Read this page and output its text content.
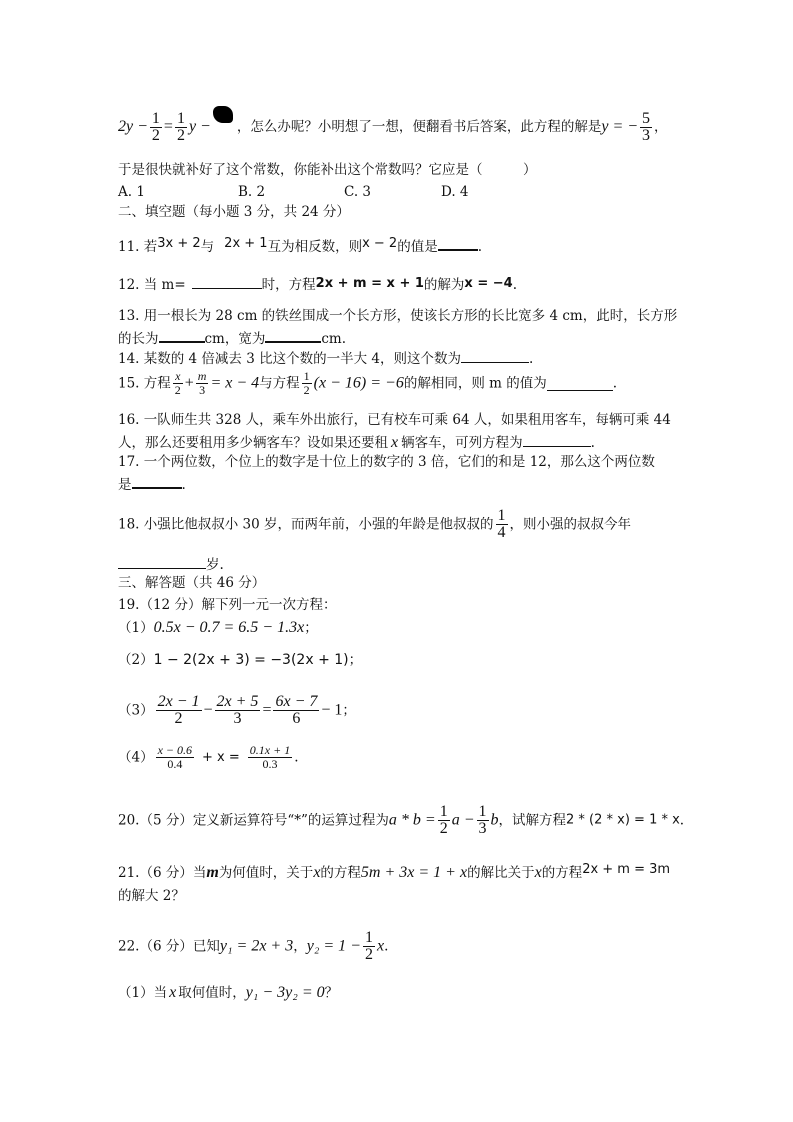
$2y - \frac{1}{2} = \frac{1}{2}$ y − ，怎么办呢？小明想了一想，便翻看书后答案，此方程的解是y = − $\frac{5}{3}$ ，
于是很快就补好了这个常数，你能补出这个常数吗？它应是（　　　）
A. 1	B. 2	C. 3	D. 4
二、填空题（每小题 3 分，共 24 分）
11. 若3x + 2与 2x + 1互为相反数，则x − 2的值是	.
12. 当 m=	时，方程2x + m = x + 1的解为x = −4.
13. 用一根长为 28 cm 的铁丝围成一个长方形，使该长方形的长比宽多 4 cm，此时，长方形
的长为	cm，宽为	cm.
14. 某数的 4 倍减去 3 比这个数的一半大 4，则这个数为	.
15. 方程 $\frac{x}{2} + \frac{m}{3} = x - 4$与方程 $\frac{1}{2} (x - 16) = -6$的解相同，则 m 的值为	.
16. 一队师生共 328 人，乘车外出旅行，已有校车可乘 64 人，如果租用客车，每辆可乘 44
人，那么还要租用多少辆客车？设如果还要租 x 辆客车，可列方程为	.
17. 一个两位数，个位上的数字是十位上的数字的 3 倍，它们的和是 12，那么这个两位数
是	.
18. 小强比他叔叔小 30 岁，而两年前，小强的年龄是他叔叔的 $\frac{1}{4}$ ，则小强的叔叔今年
岁.
三、解答题（共 46 分）
19.（12 分）解下列一元一次方程：
（1）0.5x − 0.7 = 6.5 − 1.3x；
（2）1 − 2(2x + 3) = −3(2x + 1)；
$(3) \frac{2x - 1}{2} - \frac{2x + 5}{3} = \frac{6x - 7}{6} - 1$；
$(4) \frac{x - 0.6}{0.4} + x = \frac{0.1x + 1}{0.3}$ .
20.（5 分）定义新运算符号“*”的运算过程为$a * b = \frac{1}{2}$ $a - \frac{1}{3}$ b，试解方程2 * (2 * x) = 1 * x.
21.（6 分）当m为何值时，关于x的方程5m + 3x = 1 + x的解比关于x的方程2x + m = 3m
的解大 2？
22.（6 分）已知y₁ = 2x + 3，$y_2 = 1 - \frac{1}{2} x$.
（1）当 x 取何值时，y₁ − 3y₂ = 0？
